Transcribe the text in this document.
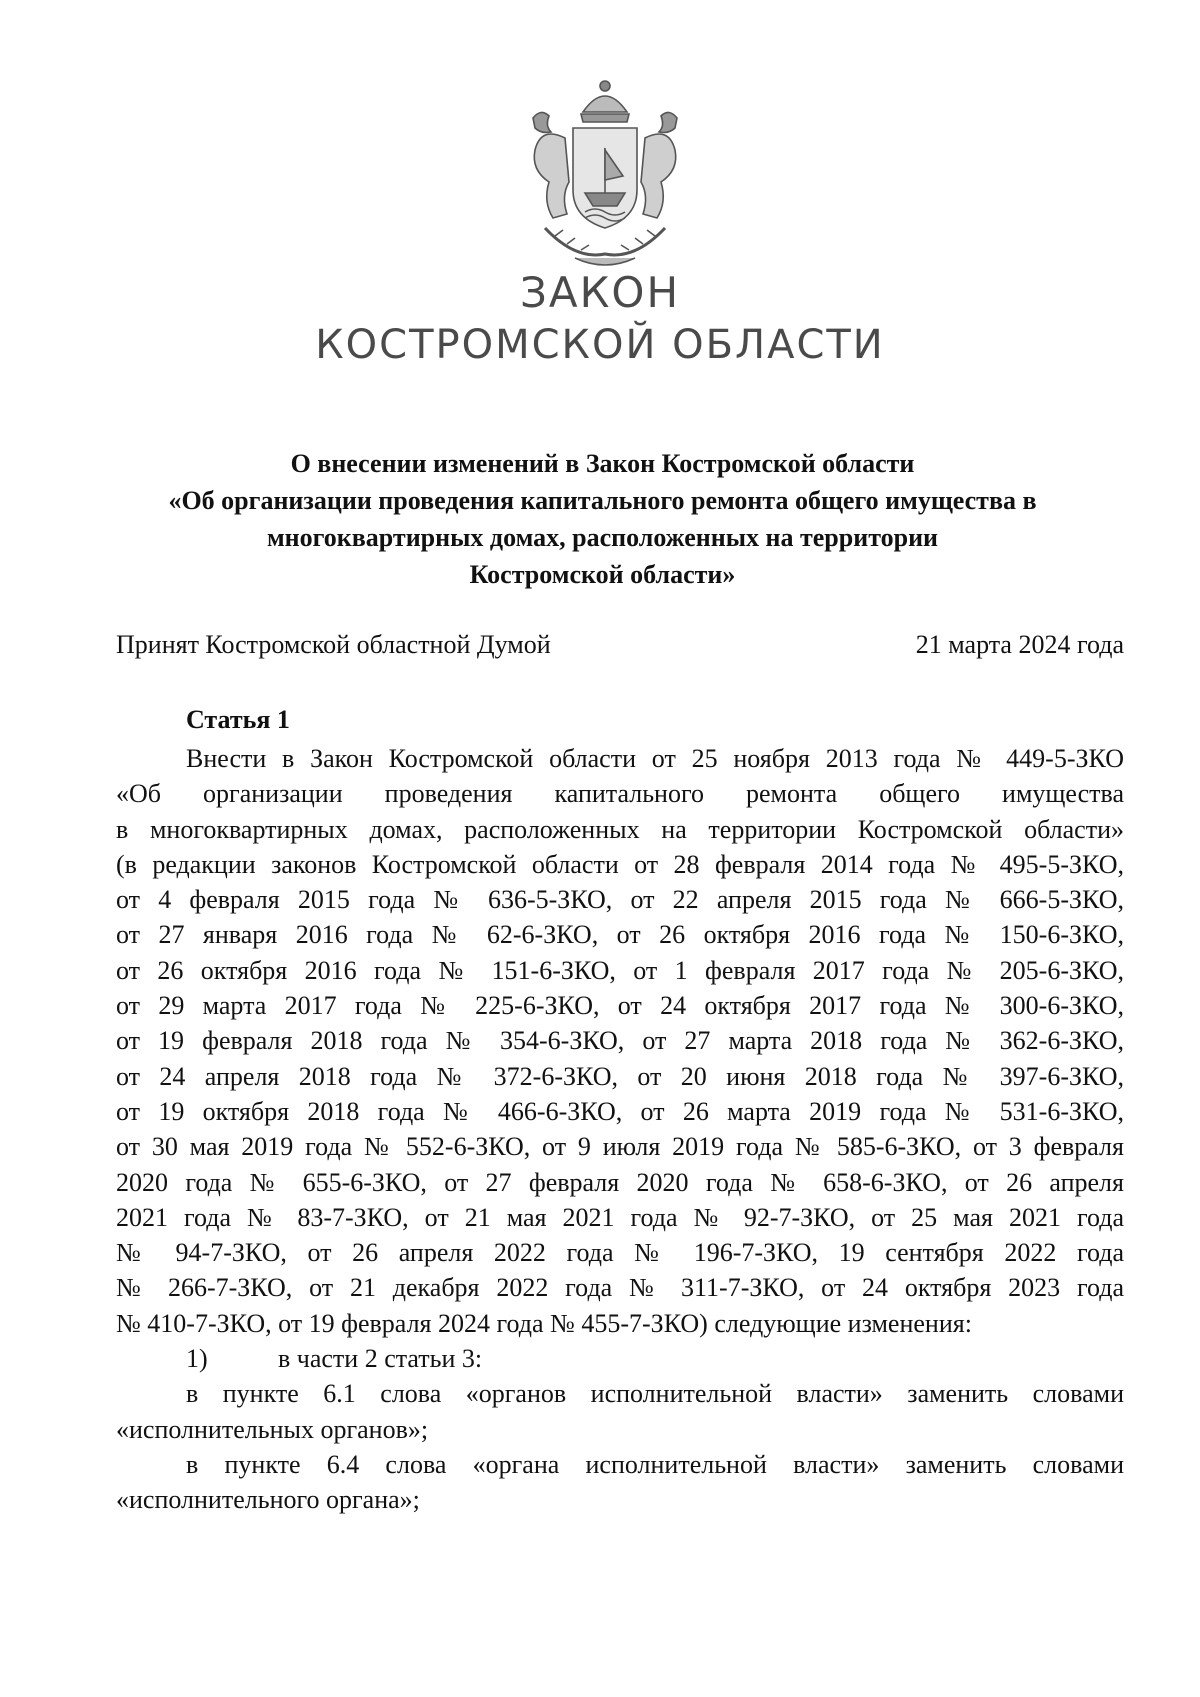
ЗАКОН
КОСТРОМСКОЙ ОБЛАСТИ
О внесении изменений в Закон Костромской области
«Об организации проведения капитального ремонта общего имущества в
многоквартирных домах, расположенных на территории
Костромской области»
Принят Костромской областной Думой	21 марта 2024 года
Статья 1
Внести в Закон Костромской области от 25 ноября 2013 года № 449-5-ЗКО
«Об организации проведения капитального ремонта общего имущества
в многоквартирных домах, расположенных на территории Костромской области»
(в редакции законов Костромской области от 28 февраля 2014 года № 495-5-ЗКО,
от 4 февраля 2015 года № 636-5-ЗКО, от 22 апреля 2015 года № 666-5-ЗКО,
от 27 января 2016 года № 62-6-ЗКО, от 26 октября 2016 года № 150-6-ЗКО,
от 26 октября 2016 года № 151-6-ЗКО, от 1 февраля 2017 года № 205-6-ЗКО,
от 29 марта 2017 года № 225-6-ЗКО, от 24 октября 2017 года № 300-6-ЗКО,
от 19 февраля 2018 года № 354-6-ЗКО, от 27 марта 2018 года № 362-6-ЗКО,
от 24 апреля 2018 года № 372-6-ЗКО, от 20 июня 2018 года № 397-6-ЗКО,
от 19 октября 2018 года № 466-6-ЗКО, от 26 марта 2019 года № 531-6-ЗКО,
от 30 мая 2019 года № 552-6-ЗКО, от 9 июля 2019 года № 585-6-ЗКО, от 3 февраля
2020 года № 655-6-ЗКО, от 27 февраля 2020 года № 658-6-ЗКО, от 26 апреля
2021 года № 83-7-ЗКО, от 21 мая 2021 года № 92-7-ЗКО, от 25 мая 2021 года
№ 94-7-ЗКО, от 26 апреля 2022 года № 196-7-ЗКО, 19 сентября 2022 года
№ 266-7-ЗКО, от 21 декабря 2022 года № 311-7-ЗКО, от 24 октября 2023 года
№ 410-7-ЗКО, от 19 февраля 2024 года № 455-7-ЗКО) следующие изменения:
1)	в части 2 статьи 3:
в пункте 6.1 слова «органов исполнительной власти» заменить словами
«исполнительных органов»;
в пункте 6.4 слова «органа исполнительной власти» заменить словами
«исполнительного органа»;
